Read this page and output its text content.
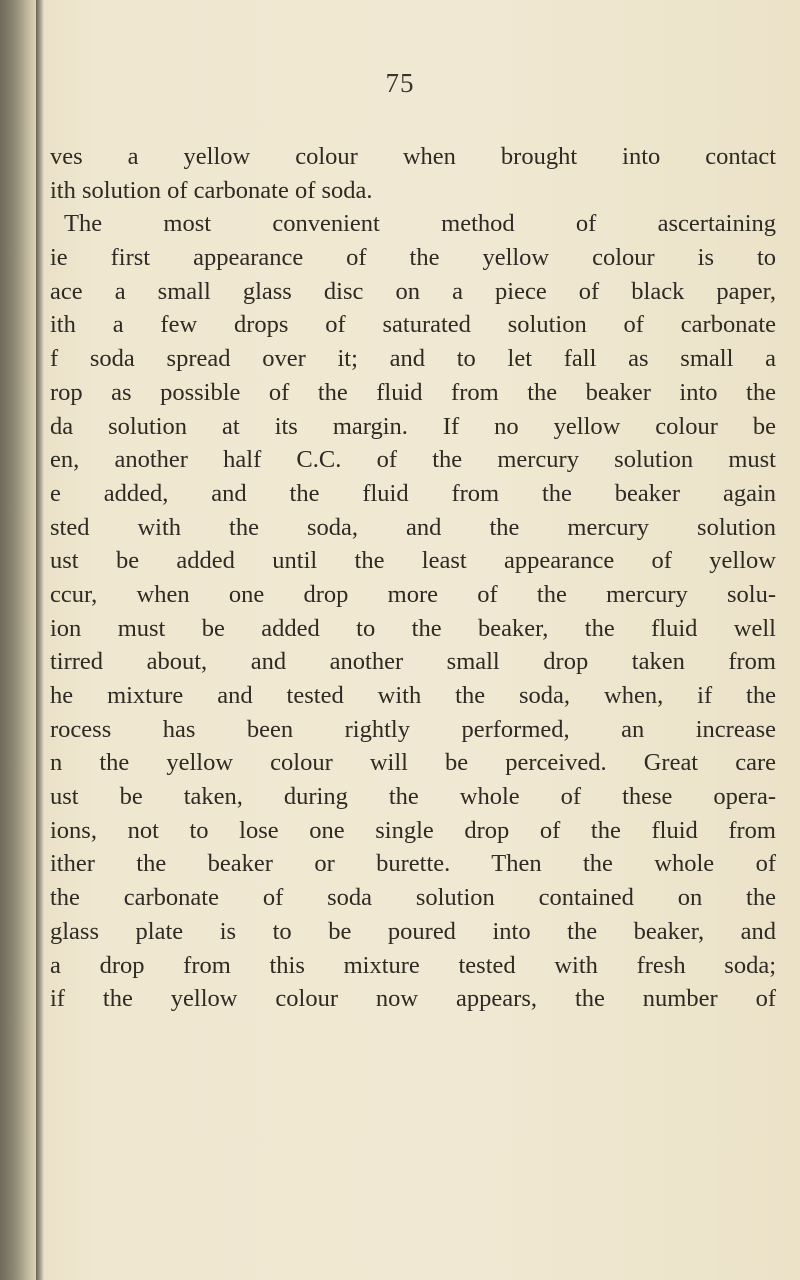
75
ves a yellow colour when brought into contact
ith solution of carbonate of soda.
The most convenient method of ascertaining
ie first appearance of the yellow colour is to
ace a small glass disc on a piece of black paper,
ith a few drops of saturated solution of carbonate
f soda spread over it; and to let fall as small a
rop as possible of the fluid from the beaker into the
da solution at its margin. If no yellow colour be
en, another half C.C. of the mercury solution must
e added, and the fluid from the beaker again
sted with the soda, and the mercury solution
ust be added until the least appearance of yellow
ccur, when one drop more of the mercury solu-
ion must be added to the beaker, the fluid well
tirred about, and another small drop taken from
he mixture and tested with the soda, when, if the
rocess has been rightly performed, an increase
n the yellow colour will be perceived. Great care
ust be taken, during the whole of these opera-
ions, not to lose one single drop of the fluid from
ither the beaker or burette. Then the whole of
the carbonate of soda solution contained on the
glass plate is to be poured into the beaker, and
a drop from this mixture tested with fresh soda;
if the yellow colour now appears, the number of
